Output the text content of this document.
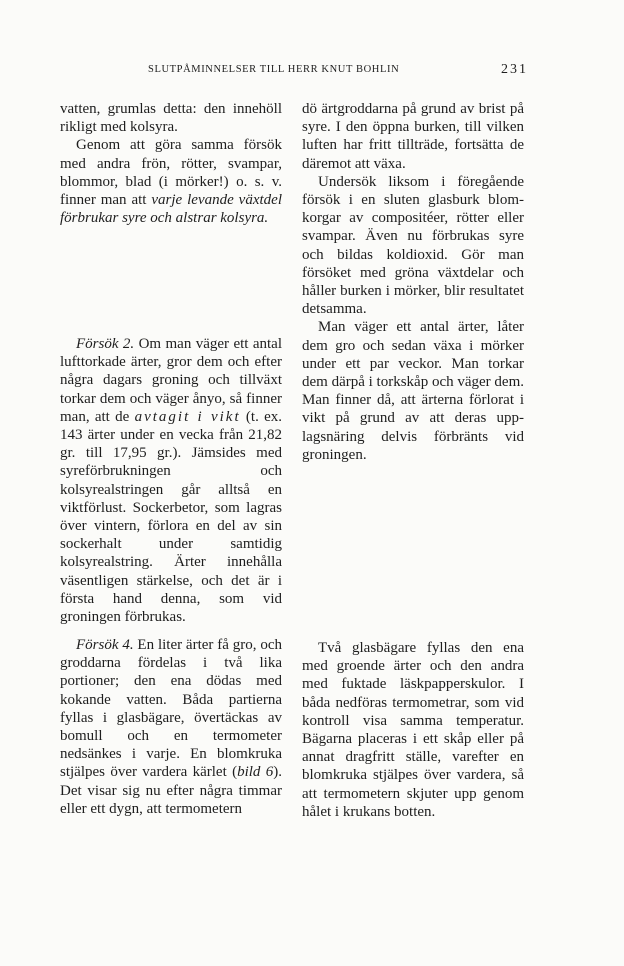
SLUTPÅMINNELSER TILL HERR KNUT BOHLIN	231

vatten, grumlas detta: den innehöll rikligt med kolsyra.

Genom att göra samma försök med andra frön, rötter, svampar, blommor, blad (i mörker!) o. s. v. finner man att varje levande växtdel förbrukar syre och alstrar kolsyra.

Försök 2. Om man väger ett antal lufttorkade ärter, gror dem och efter några dagars groning och tillväxt torkar dem och väger ånyo, så finner man, att de avtagit i vikt (t. ex. 143 ärter under en vecka från 21,82 gr. till 17,95 gr.). Jämsides med syreförbrukningen och kolsyrealstringen går alltså en viktförlust. Sockerbetor, som lagras över vintern, förlora en del av sin sockerhalt under samtidig kolsyrealstring. Ärter innehålla väsentligen stärkelse, och det är i första hand denna, som vid groningen förbrukas.

Försök 4. En liter ärter få gro, och groddarna fördelas i två lika portioner; den ena dödas med kokande vatten. Båda partierna fyllas i glasbägare, övertäckas av bomull och en termometer nedsänkes i varje. En blomkruka stjälpes över vardera kärlet (bild 6). Det visar sig nu efter några timmar eller ett dygn, att termometern

dö ärtgroddarna på grund av brist på syre. I den öppna burken, till vilken luften har fritt tillträde, fortsätta de däremot att växa.

Undersök liksom i föregående försök i en sluten glasburk blomkorgar av compositéer, rötter eller svampar. Även nu förbrukas syre och bildas koldioxid. Gör man försöket med gröna växtdelar och håller burken i mörker, blir resultatet detsamma.

Man väger ett antal ärter, låter dem gro och sedan växa i mörker under ett par veckor. Man torkar dem därpå i torkskåp och väger dem. Man finner då, att ärterna förlorat i vikt på grund av att deras upplagsnäring delvis förbränts vid groningen.

Två glasbägare fyllas den ena med groende ärter och den andra med fuktade läskpapperskulor. I båda nedföras termometrar, som vid kontroll visa samma temperatur. Bägarna placeras i ett skåp eller på annat dragfritt ställe, varefter en blomkruka stjälpes över vardera, så att termometern skjuter upp genom hålet i krukans botten.
